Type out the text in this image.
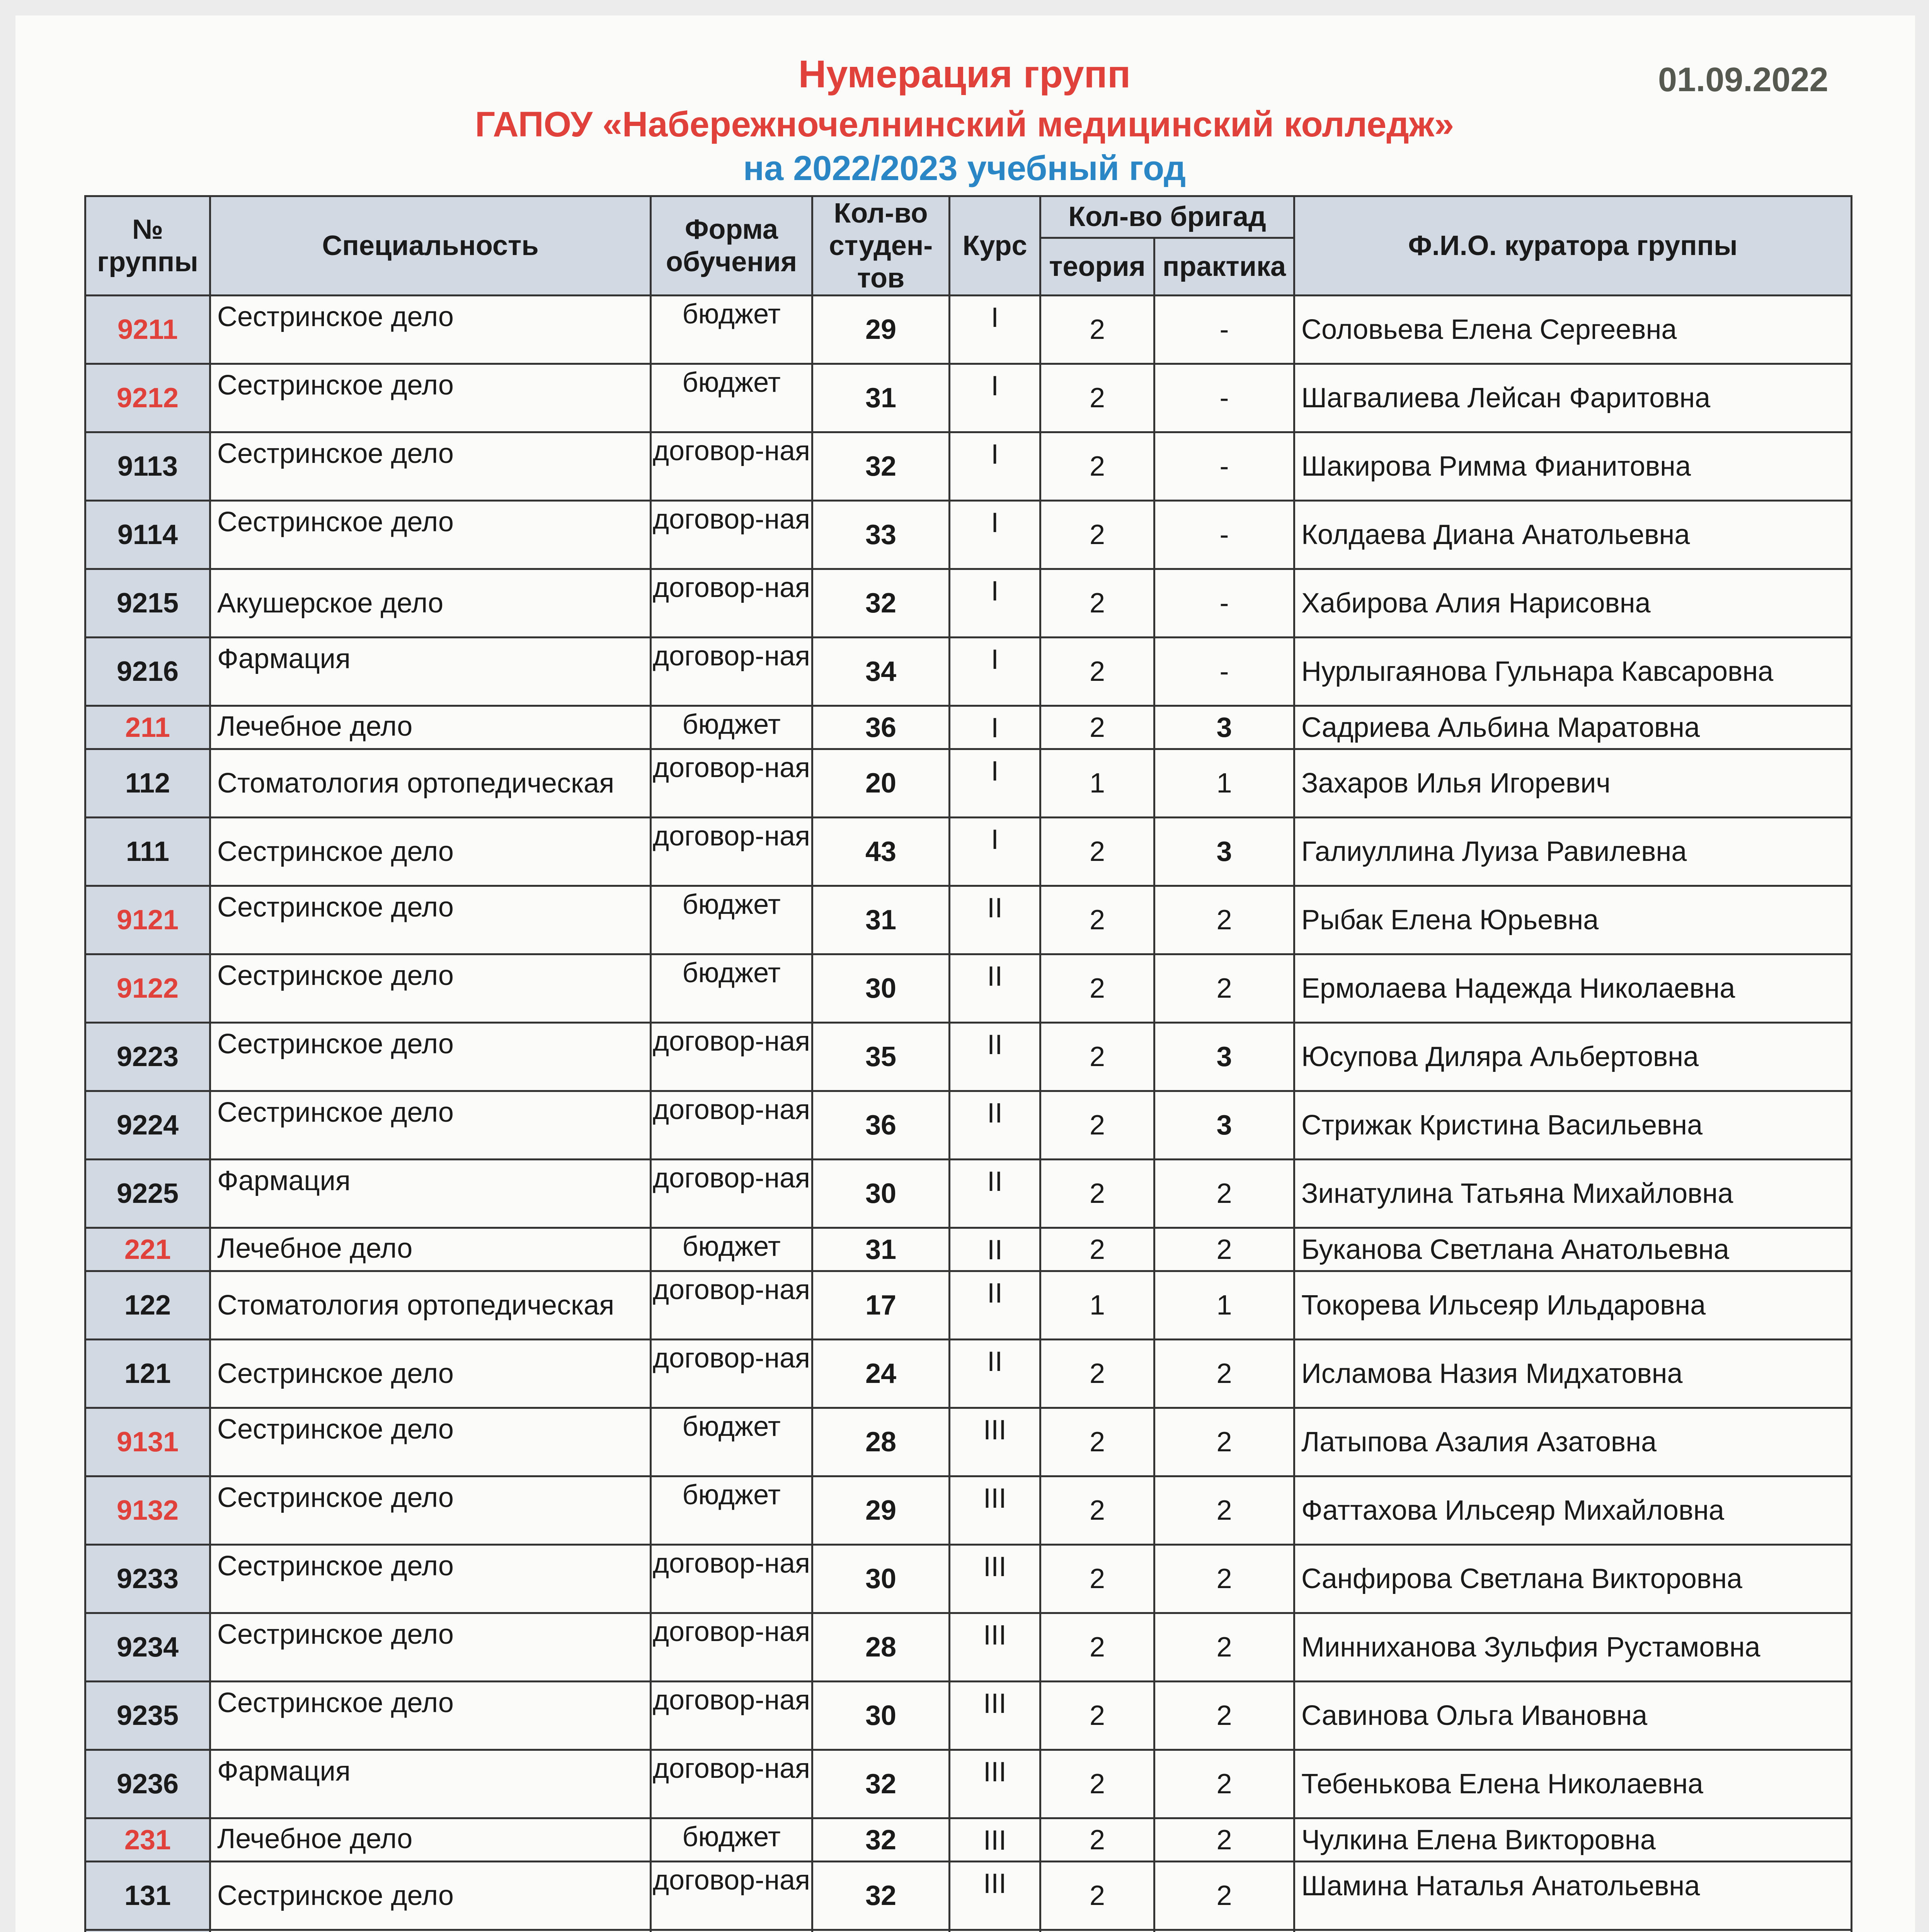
Нумерация групп
ГАПОУ «Набережночелнинский медицинский колледж»
на 2022/2023 учебный год
01.09.2022
№ группы	Специальность	Форма обучения	Кол-во студен-тов	Курс	Кол-во бригад		Ф.И.О. куратора группы
					теория	практика	
9211	Сестринское дело	бюджет	29	I	2	-	Соловьева Елена Сергеевна
9212	Сестринское дело	бюджет	31	I	2	-	Шагвалиева Лейсан Фаритовна
9113	Сестринское дело	договор-ная	32	I	2	-	Шакирова Римма Фианитовна
9114	Сестринское дело	договор-ная	33	I	2	-	Колдаева Диана Анатольевна
9215	Акушерское дело	договор-ная	32	I	2	-	Хабирова Алия Нарисовна
9216	Фармация	договор-ная	34	I	2	-	Нурлыгаянова Гульнара Кавсаровна
211	Лечебное дело	бюджет	36	I	2	3	Садриева Альбина Маратовна
112	Стоматология ортопедическая	договор-ная	20	I	1	1	Захаров Илья Игоревич
111	Сестринское дело	договор-ная	43	I	2	3	Галиуллина Луиза Равилевна
9121	Сестринское дело	бюджет	31	II	2	2	Рыбак Елена Юрьевна
9122	Сестринское дело	бюджет	30	II	2	2	Ермолаева Надежда Николаевна
9223	Сестринское дело	договор-ная	35	II	2	3	Юсупова Диляра Альбертовна
9224	Сестринское дело	договор-ная	36	II	2	3	Стрижак Кристина Васильевна
9225	Фармация	договор-ная	30	II	2	2	Зинатулина Татьяна Михайловна
221	Лечебное дело	бюджет	31	II	2	2	Буканова Светлана Анатольевна
122	Стоматология ортопедическая	договор-ная	17	II	1	1	Токорева Ильсеяр Ильдаровна
121	Сестринское дело	договор-ная	24	II	2	2	Исламова Назия Мидхатовна
9131	Сестринское дело	бюджет	28	III	2	2	Латыпова Азалия Азатовна
9132	Сестринское дело	бюджет	29	III	2	2	Фаттахова Ильсеяр Михайловна
9233	Сестринское дело	договор-ная	30	III	2	2	Санфирова Светлана Викторовна
9234	Сестринское дело	договор-ная	28	III	2	2	Минниханова Зульфия Рустамовна
9235	Сестринское дело	договор-ная	30	III	2	2	Савинова Ольга Ивановна
9236	Фармация	договор-ная	32	III	2	2	Тебенькова Елена Николаевна
231	Лечебное дело	бюджет	32	III	2	2	Чулкина Елена Викторовна
131	Сестринское дело	договор-ная	32	III	2	2	Шамина Наталья Анатольевна
